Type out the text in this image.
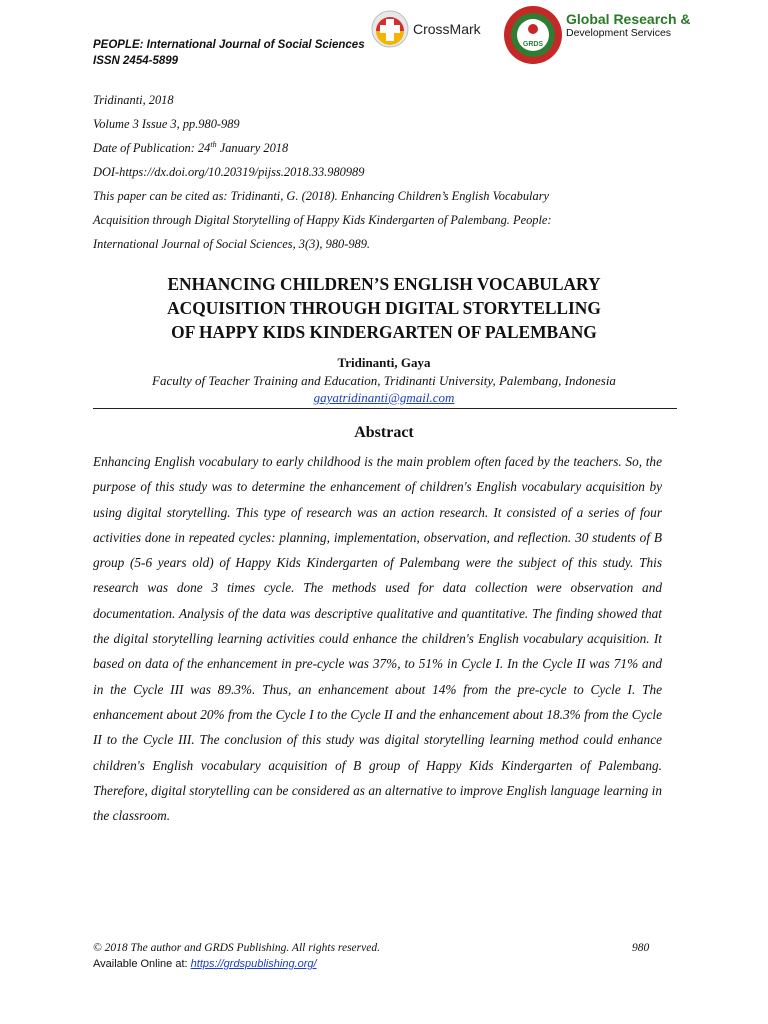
PEOPLE: International Journal of Social Sciences
ISSN 2454-5899
CrossMark
GRDS
Global Research &
Development Services
Tridinanti, 2018
Volume 3 Issue 3, pp.980-989
Date of Publication: 24th January 2018
DOI-https://dx.doi.org/10.20319/pijss.2018.33.980989
This paper can be cited as: Tridinanti, G. (2018). Enhancing Children’s English Vocabulary
Acquisition through Digital Storytelling of Happy Kids Kindergarten of Palembang. People:
International Journal of Social Sciences, 3(3), 980-989.
ENHANCING CHILDREN’S ENGLISH VOCABULARY
ACQUISITION THROUGH DIGITAL STORYTELLING
OF HAPPY KIDS KINDERGARTEN OF PALEMBANG
Tridinanti, Gaya
Faculty of Teacher Training and Education, Tridinanti University, Palembang, Indonesia
gayatridinanti@gmail.com
Abstract

Enhancing English vocabulary to early childhood is the main problem often faced by the teachers. So, the purpose of this study was to determine the enhancement of children's English vocabulary acquisition by using digital storytelling. This type of research was an action research. It consisted of a series of four activities done in repeated cycles: planning, implementation, observation, and reflection. 30 students of B group (5-6 years old) of Happy Kids Kindergarten of Palembang were the subject of this study. This research was done 3 times cycle. The methods used for data collection were observation and documentation. Analysis of the data was descriptive qualitative and quantitative. The finding showed that the digital storytelling learning activities could enhance the children's English vocabulary acquisition. It based on data of the enhancement in pre-cycle was 37%, to 51% in Cycle I. In the Cycle II was 71% and in the Cycle III was 89.3%. Thus, an enhancement about 14% from the pre-cycle to Cycle I. The enhancement about 20% from the Cycle I to the Cycle II and the enhancement about 18.3% from the Cycle II to the Cycle III. The conclusion of this study was digital storytelling learning method could enhance children's English vocabulary acquisition of B group of Happy Kids Kindergarten of Palembang. Therefore, digital storytelling can be considered as an alternative to improve English language learning in the classroom.

© 2018 The author and GRDS Publishing. All rights reserved.	980
Available Online at: https://grdspublishing.org/
